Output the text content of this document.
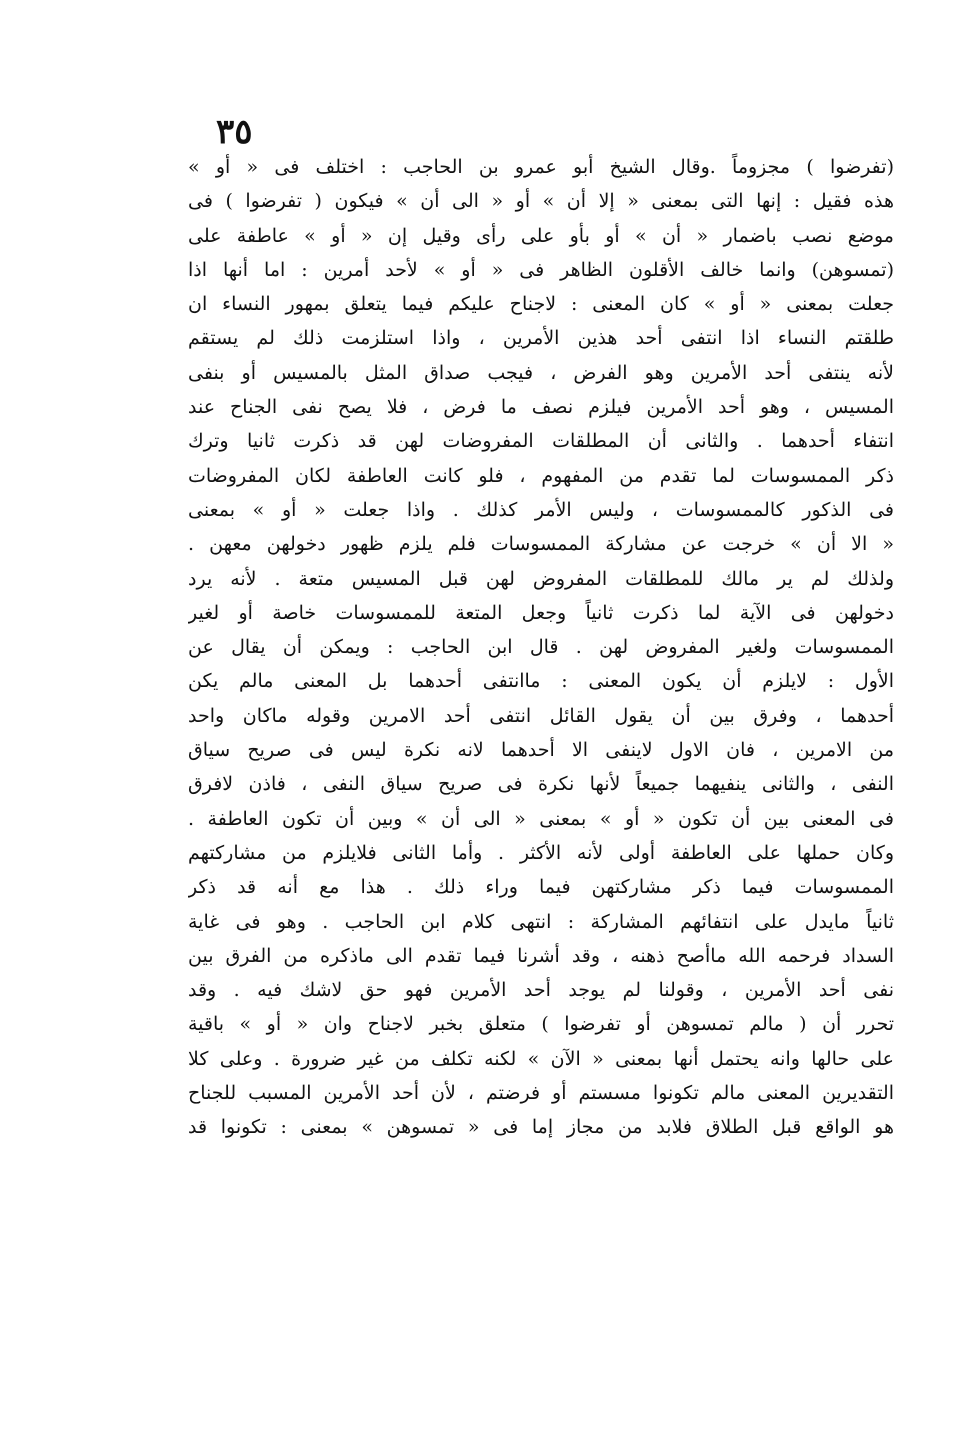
٣٥
(تفرضوا ) مجزوماً .وقال الشيخ أبو عمرو بن الحاجب : اختلف فى « أو »
هذه فقيل : إنها التى بمعنى « إلا أن » أو « الى أن » فيكون ( تفرضوا ) فى
موضع نصب باضمار « أن » أو بأو على رأى وقيل إن « أو » عاطفة على
(تمسوهن) وانما خالف الأقلون الظاهر فى « أو » لأحد أمرين : اما أنها اذا
جعلت بمعنى « أو » كان المعنى : لاجناح عليكم فيما يتعلق بمهور النساء ان
طلقتم النساء اذا انتفى أحد هذين الأمرين ، واذا استلزمت ذلك لم يستقم
لأنه ينتفى أحد الأمرين وهو الفرض ، فيجب صداق المثل بالمسيس أو بنفى
المسيس ، وهو أحد الأمرين فيلزم نصف ما فرض ، فلا يصح نفى الجناح عند
انتفاء أحدهما . والثانى أن المطلقات المفروضات لهن قد ذكرت ثانيا وترك
ذكر الممسوسات لما تقدم من المفهوم ، فلو كانت العاطفة لكان المفروضات
فى الذكور كالممسوسات ، وليس الأمر كذلك . واذا جعلت « أو » بمعنى
« الا أن » خرجت عن مشاركة الممسوسات فلم يلزم ظهور دخولهن معهن .
ولذلك لم ير مالك للمطلقات المفروض لهن قبل المسيس متعة . لأنه يرد
دخولهن فى الآية لما ذكرت ثانياً وجعل المتعة للممسوسات خاصة أو لغير
الممسوسات ولغير المفروض لهن . قال ابن الحاجب : ويمكن أن يقال عن
الأول : لايلزم أن يكون المعنى : ماانتفى أحدهما بل المعنى مالم يكن
أحدهما ، وفرق بين أن يقول القائل انتفى أحد الامرين وقوله ماكان واحد
من الامرين ، فان الاول لاينفى الا أحدهما لانه نكرة ليس فى صريح سياق
النفى ، والثانى ينفيهما جميعاً لأنها نكرة فى صريح سياق النفى ، فاذن لافرق
فى المعنى بين أن تكون « أو » بمعنى « الى أن » وبين أن تكون العاطفة .
وكان حملها على العاطفة أولى لأنه الأكثر . وأما الثانى فلايلزم من مشاركتهم
الممسوسات فيما ذكر مشاركتهن فيما وراء ذلك . هذا مع أنه قد ذكر
ثانياً مايدل على انتفائهم المشاركة : انتهى كلام ابن الحاجب . وهو فى غاية
السداد فرحمه الله ماأصح ذهنه ، وقد أشرنا فيما تقدم الى ماذكره من الفرق بين
نفى أحد الأمرين ، وقولنا لم يوجد أحد الأمرين فهو حق لاشك فيه . وقد
تحرر أن ( مالم تمسوهن أو تفرضوا ) متعلق بخبر لاجناح وان « أو » باقية
على حالها وانه يحتمل أنها بمعنى « الآن » لكنه تكلف من غير ضرورة . وعلى كلا
التقديرين المعنى مالم تكونوا مسستم أو فرضتم ، لأن أحد الأمرين المسبب للجناح
هو الواقع قبل الطلاق فلابد من مجاز إما فى « تمسوهن » بمعنى : تكونوا قد
